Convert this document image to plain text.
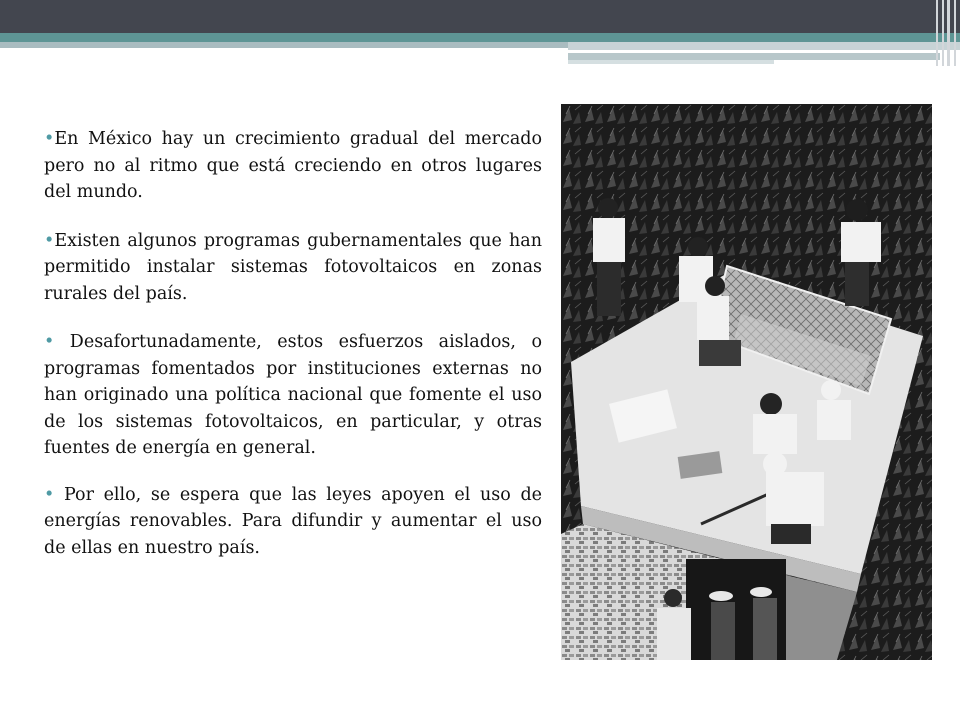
•En México hay un crecimiento gradual del mercado pero no al ritmo que está creciendo en otros lugares del mundo.

•Existen algunos programas gubernamentales que han permitido instalar sistemas fotovoltaicos en zonas rurales del país.

• Desafortunadamente, estos esfuerzos aislados, o programas fomentados por instituciones externas no han originado una política nacional que fomente el uso de los sistemas fotovoltaicos, en particular, y otras fuentes de energía en general.

• Por ello, se espera que las leyes apoyen el uso de energías renovables. Para difundir y aumentar el uso de ellas en nuestro país.
